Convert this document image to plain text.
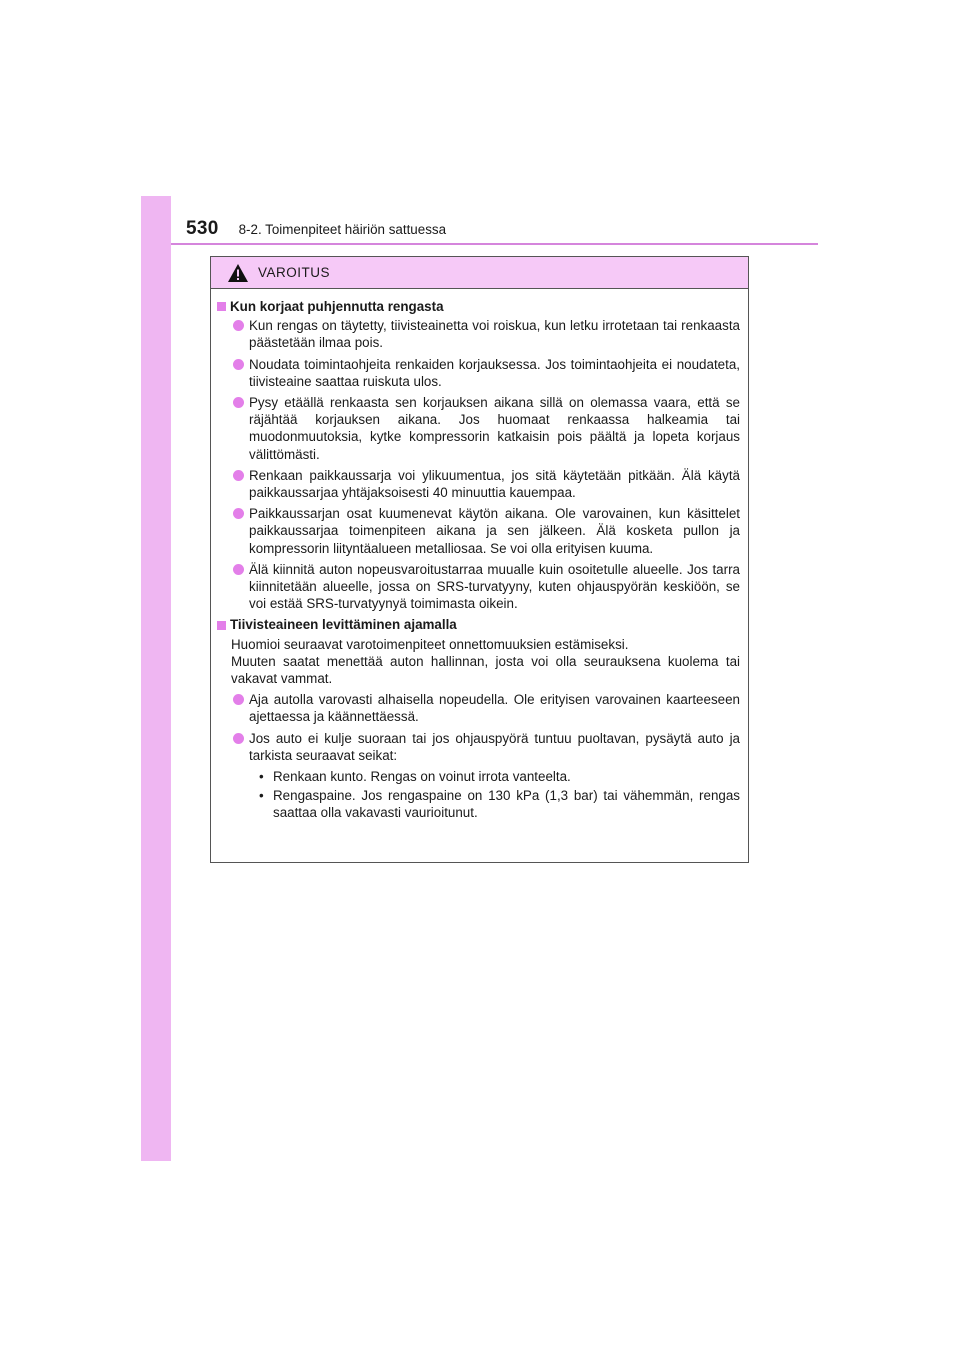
530 8-2. Toimenpiteet häiriön sattuessa
VAROITUS
Kun korjaat puhjennutta rengasta
Kun rengas on täytetty, tiivisteainetta voi roiskua, kun letku irrotetaan tai renkaasta päästetään ilmaa pois.
Noudata toimintaohjeita renkaiden korjauksessa. Jos toimintaohjeita ei noudateta, tiivisteaine saattaa ruiskuta ulos.
Pysy etäällä renkaasta sen korjauksen aikana sillä on olemassa vaara, että se räjähtää korjauksen aikana. Jos huomaat renkaassa halkeamia tai muodonmuutoksia, kytke kompressorin katkaisin pois päältä ja lopeta korjaus välittömästi.
Renkaan paikkaussarja voi ylikuumentua, jos sitä käytetään pitkään. Älä käytä paikkaussarjaa yhtäjaksoisesti 40 minuuttia kauempaa.
Paikkaussarjan osat kuumenevat käytön aikana. Ole varovainen, kun käsittelet paikkaussarjaa toimenpiteen aikana ja sen jälkeen. Älä kosketa pullon ja kompressorin liityntäalueen metalliosaa. Se voi olla erityisen kuuma.
Älä kiinnitä auton nopeusvaroitustarraa muualle kuin osoitetulle alueelle. Jos tarra kiinnitetään alueelle, jossa on SRS-turvatyyny, kuten ohjauspyörän keskiöön, se voi estää SRS-turvatyynyä toimimasta oikein.
Tiivisteaineen levittäminen ajamalla
Huomioi seuraavat varotoimenpiteet onnettomuuksien estämiseksi.
Muuten saatat menettää auton hallinnan, josta voi olla seurauksena kuolema tai vakavat vammat.
Aja autolla varovasti alhaisella nopeudella. Ole erityisen varovainen kaarteeseen ajettaessa ja käännettäessä.
Jos auto ei kulje suoraan tai jos ohjauspyörä tuntuu puoltavan, pysäytä auto ja tarkista seuraavat seikat:
• Renkaan kunto. Rengas on voinut irrota vanteelta.
• Rengaspaine. Jos rengaspaine on 130 kPa (1,3 bar) tai vähemmän, rengas saattaa olla vakavasti vaurioitunut.
